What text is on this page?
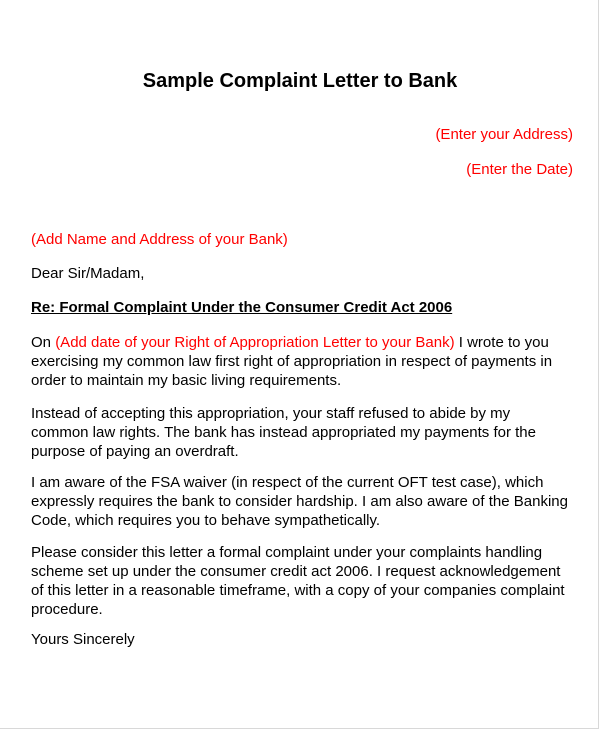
Sample Complaint Letter to Bank
(Enter your Address)
(Enter the Date)
(Add Name and Address of your Bank)
Dear Sir/Madam,
Re: Formal Complaint Under the Consumer Credit Act 2006

On (Add date of your Right of Appropriation Letter to your Bank) I wrote to you exercising my common law first right of appropriation in respect of payments in order to maintain my basic living requirements.

Instead of accepting this appropriation, your staff refused to abide by my common law rights. The bank has instead appropriated my payments for the purpose of paying an overdraft.

I am aware of the FSA waiver (in respect of the current OFT test case), which expressly requires the bank to consider hardship. I am also aware of the Banking Code, which requires you to behave sympathetically.

Please consider this letter a formal complaint under your complaints handling scheme set up under the consumer credit act 2006. I request acknowledgement of this letter in a reasonable timeframe, with a copy of your companies complaint procedure.

Yours Sincerely
